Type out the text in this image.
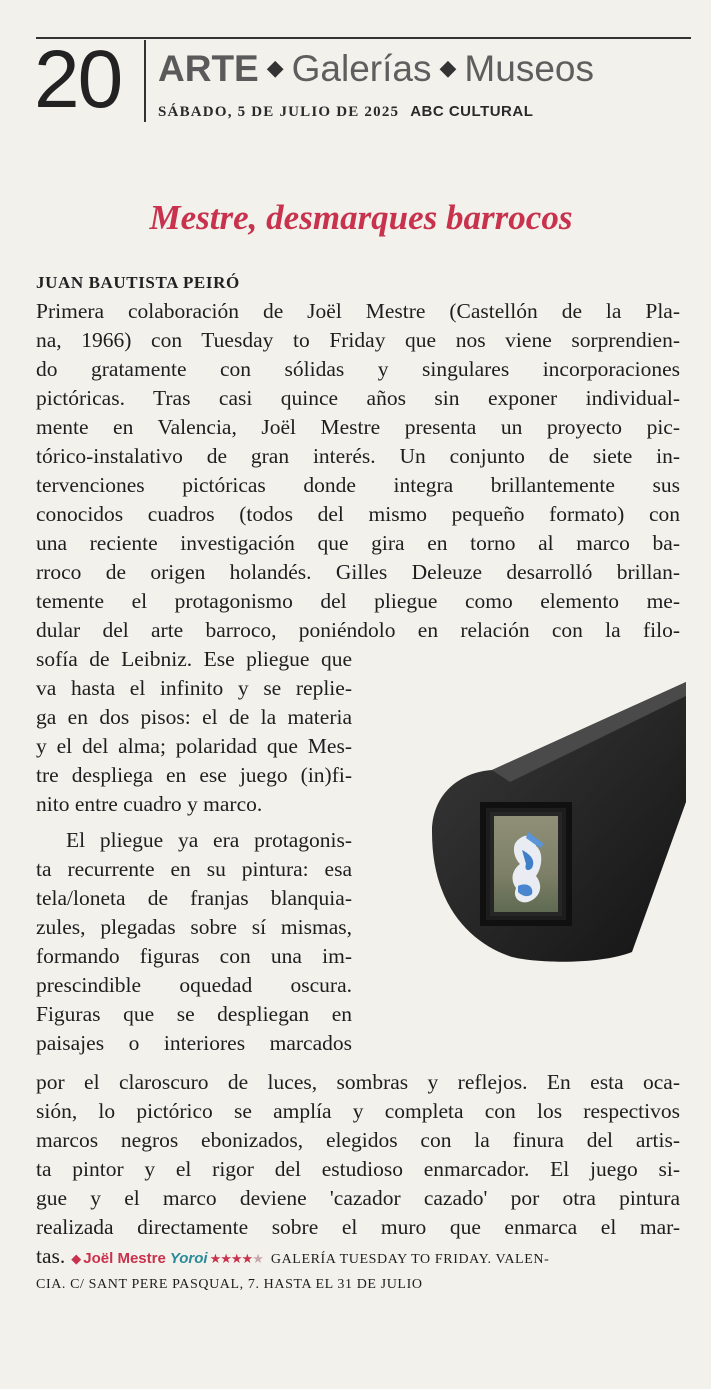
20 ARTE ◆ Galerías ◆ Museos
SÁBADO, 5 DE JULIO DE 2025 ABC CULTURAL
Mestre, desmarques barrocos
JUAN BAUTISTA PEIRÓ
Primera colaboración de Joël Mestre (Castellón de la Pla-
na, 1966) con Tuesday to Friday que nos viene sorprendien-
do gratamente con sólidas y singulares incorporaciones
pictóricas. Tras casi quince años sin exponer individual-
mente en Valencia, Joël Mestre presenta un proyecto pic-
tórico-instalativo de gran interés. Un conjunto de siete in-
tervenciones pictóricas donde integra brillantemente sus
conocidos cuadros (todos del mismo pequeño formato) con
una reciente investigación que gira en torno al marco ba-
rroco de origen holandés. Gilles Deleuze desarrolló brillan-
temente el protagonismo del pliegue como elemento me-
dular del arte barroco, poniéndolo en relación con la filo-
sofía de Leibniz. Ese pliegue que
va hasta el infinito y se replie-
ga en dos pisos: el de la materia
y el del alma; polaridad que Mes-
tre despliega en ese juego (in)fi-
nito entre cuadro y marco.
El pliegue ya era protagonis-
ta recurrente en su pintura: esa
tela/loneta de franjas blanquia-
zules, plegadas sobre sí mismas,
formando figuras con una im-
prescindible oquedad oscura.
Figuras que se despliegan en
paisajes o interiores marcados
por el claroscuro de luces, sombras y reflejos. En esta oca-
sión, lo pictórico se amplía y completa con los respectivos
marcos negros ebonizados, elegidos con la finura del artis-
ta pintor y el rigor del estudioso enmarcador. El juego si-
gue y el marco deviene 'cazador cazado' por otra pintura
realizada directamente sobre el muro que enmarca el mar-
tas. ◆ Joël Mestre Yoroi ★★★★★ GALERÍA TUESDAY TO FRIDAY. VALEN-
CIA. C/ SANT PERE PASQUAL, 7. HASTA EL 31 DE JULIO
